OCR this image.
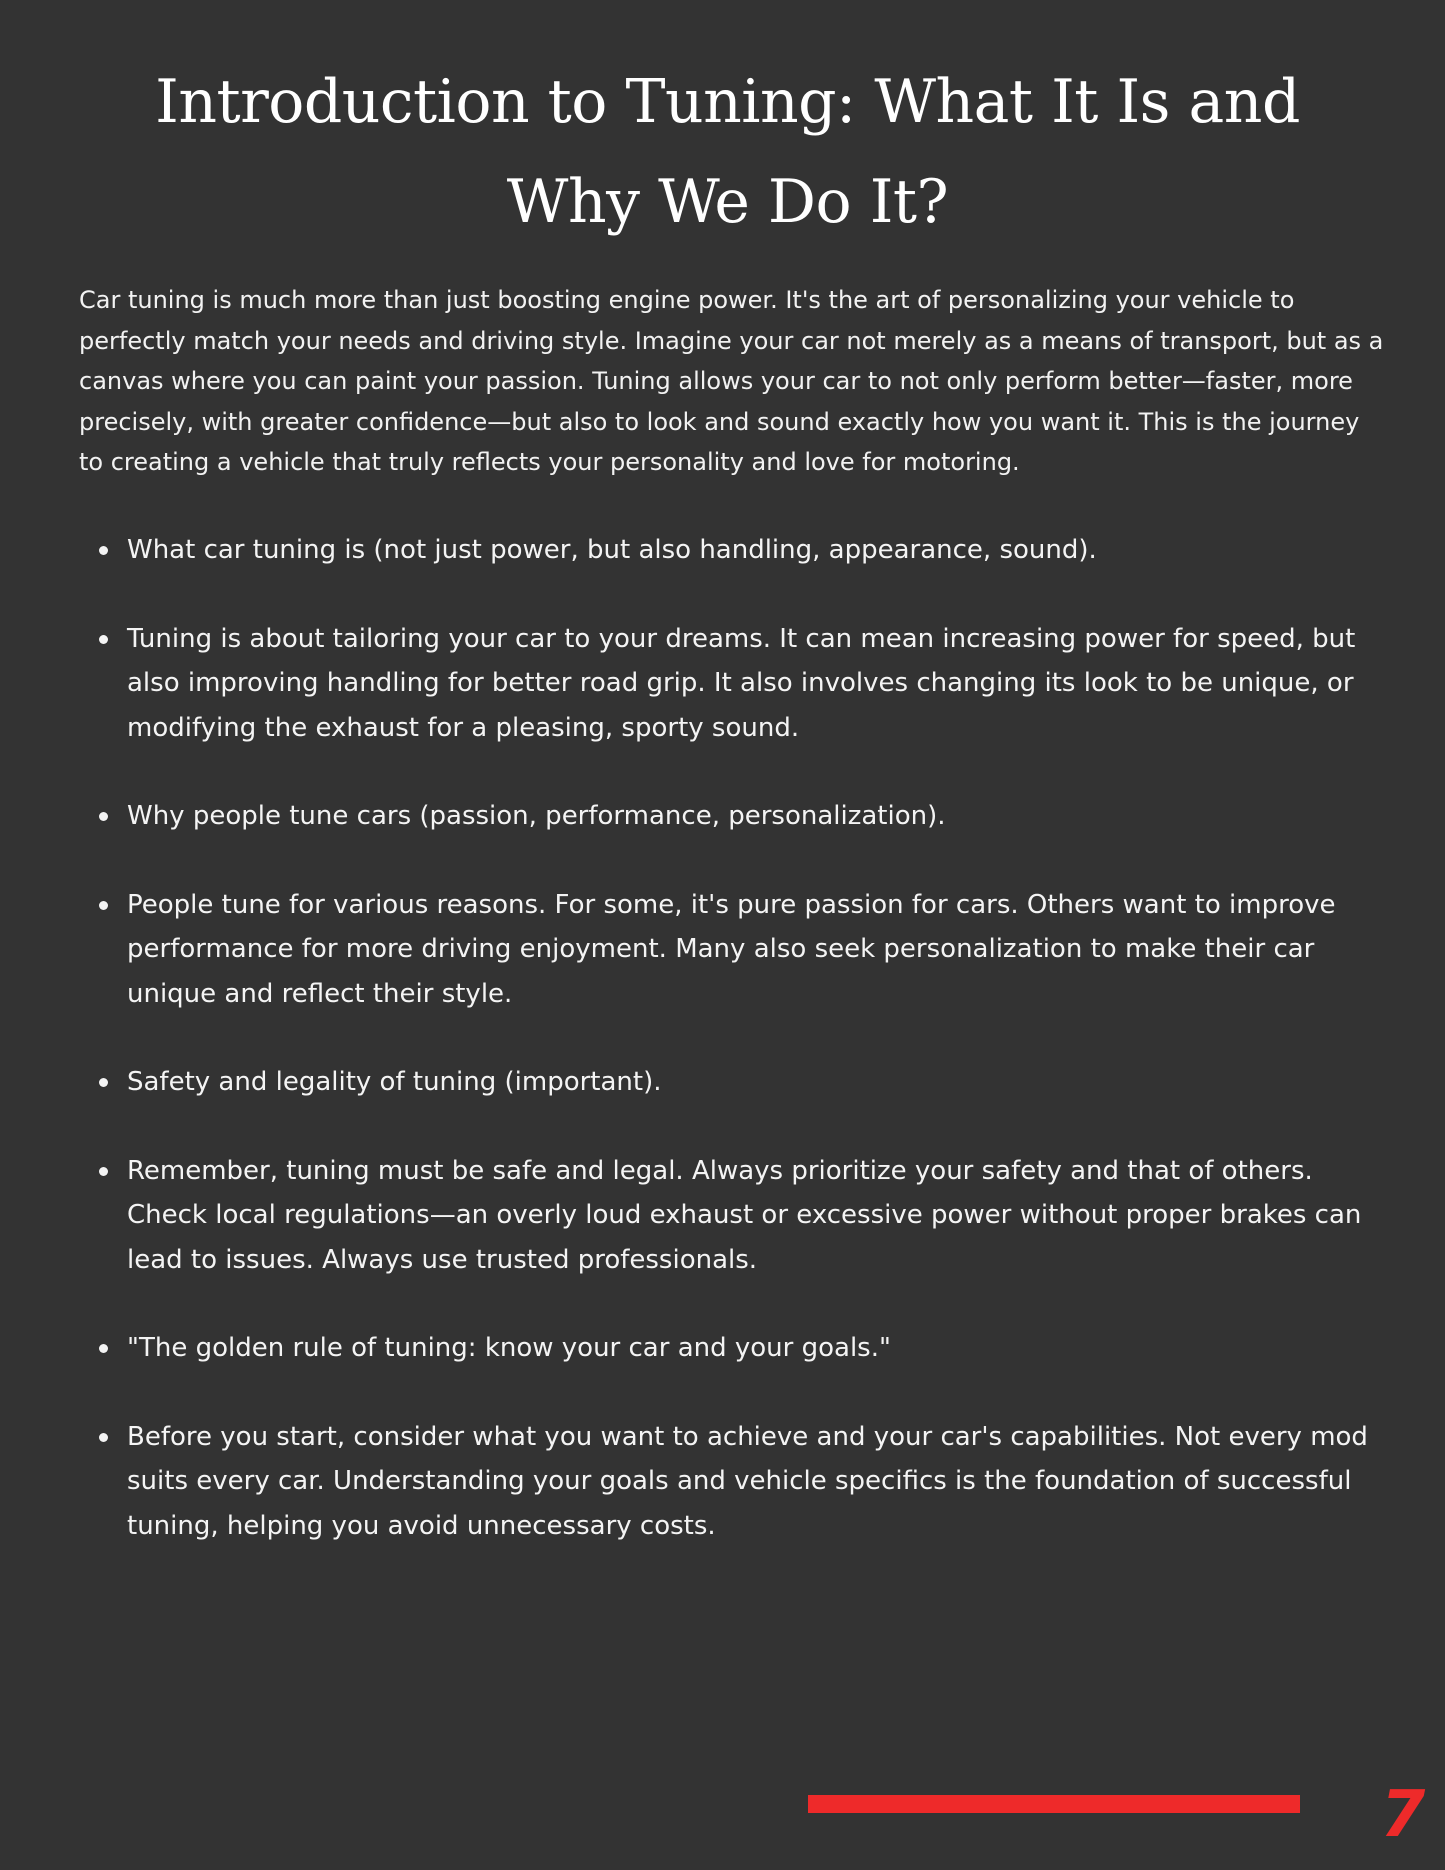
Introduction to Tuning: What It Is and Why We Do It?

Car tuning is much more than just boosting engine power. It's the art of personalizing your vehicle to perfectly match your needs and driving style. Imagine your car not merely as a means of transport, but as a canvas where you can paint your passion. Tuning allows your car to not only perform better—faster, more precisely, with greater confidence—but also to look and sound exactly how you want it. This is the journey to creating a vehicle that truly reflects your personality and love for motoring.

What car tuning is (not just power, but also handling, appearance, sound).
Tuning is about tailoring your car to your dreams. It can mean increasing power for speed, but also improving handling for better road grip. It also involves changing its look to be unique, or modifying the exhaust for a pleasing, sporty sound.
Why people tune cars (passion, performance, personalization).
People tune for various reasons. For some, it's pure passion for cars. Others want to improve performance for more driving enjoyment. Many also seek personalization to make their car unique and reflect their style.
Safety and legality of tuning (important).
Remember, tuning must be safe and legal. Always prioritize your safety and that of others. Check local regulations—an overly loud exhaust or excessive power without proper brakes can lead to issues. Always use trusted professionals.
"The golden rule of tuning: know your car and your goals."
Before you start, consider what you want to achieve and your car's capabilities. Not every mod suits every car. Understanding your goals and vehicle specifics is the foundation of successful tuning, helping you avoid unnecessary costs.
7
